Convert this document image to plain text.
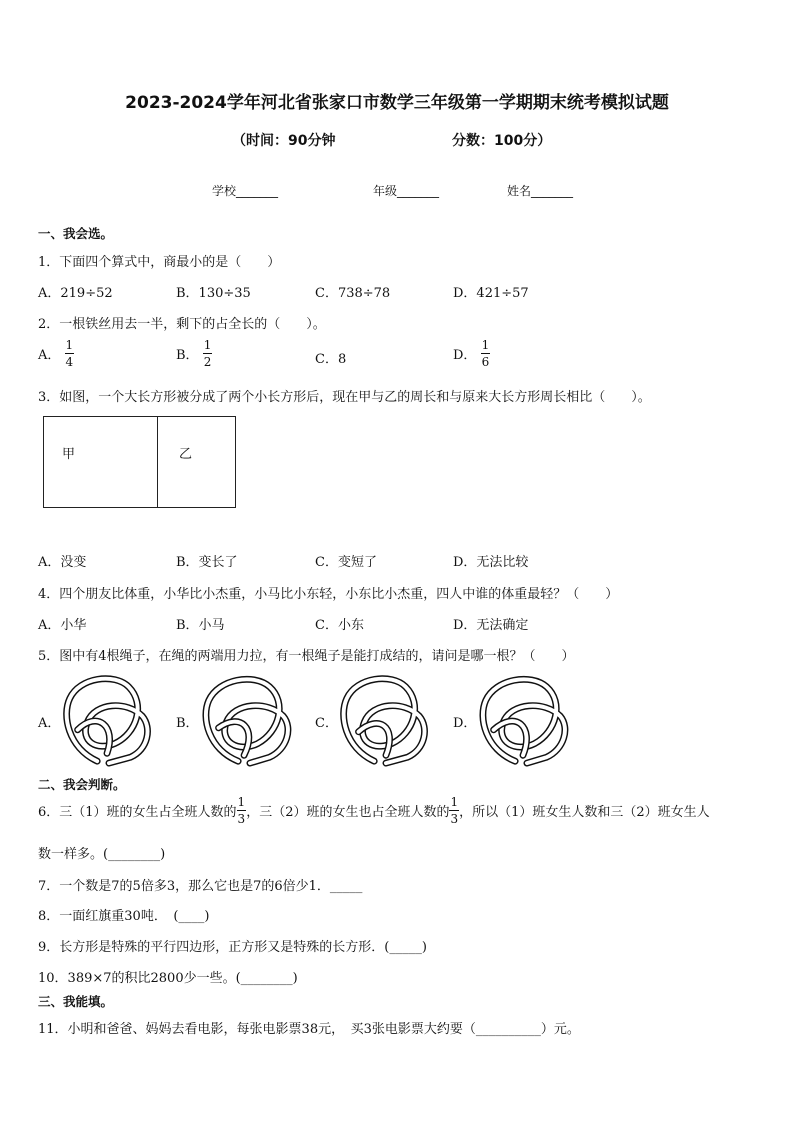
2023-2024学年河北省张家口市数学三年级第一学期期末统考模拟试题
（时间：90分钟	分数：100分）
学校_______	年级_______	姓名_______
一、我会选。
1．下面四个算式中，商最小的是（　　）
A．219÷52	B．130÷35	C．738÷78	D．421÷57
2．一根铁丝用去一半，剩下的占全长的（　　）。
A． $\frac{1}{4}$	B． $\frac{1}{2}$	C．8	D． $\frac{1}{6}$
3．如图，一个大长方形被分成了两个小长方形后，现在甲与乙的周长和与原来大长方形周长相比（　　）。
甲	乙
A．没变	B．变长了	C．变短了	D．无法比较
4．四个朋友比体重，小华比小杰重，小马比小东轻，小东比小杰重，四人中谁的体重最轻？（　　）
A．小华	B．小马	C．小东	D．无法确定
5．图中有4根绳子，在绳的两端用力拉，有一根绳子是能打成结的，请问是哪一根？（　　）
A．	B．	C．	D．
二、我会判断。
6．三（1）班的女生占全班人数的 $\frac{1}{3}$ ，三（2）班的女生也占全班人数的 $\frac{1}{3}$ ，所以（1）班女生人数和三（2）班女生人
数一样多。(________)
7．一个数是7的5倍多3，那么它也是7的6倍少1．_____
8．一面红旗重30吨．　(____)
9．长方形是特殊的平行四边形，正方形又是特殊的长方形．(_____)
10．389×7的积比2800少一些。(________)
三、我能填。
11．小明和爸爸、妈妈去看电影，每张电影票38元，　买3张电影票大约要（__________）元。
